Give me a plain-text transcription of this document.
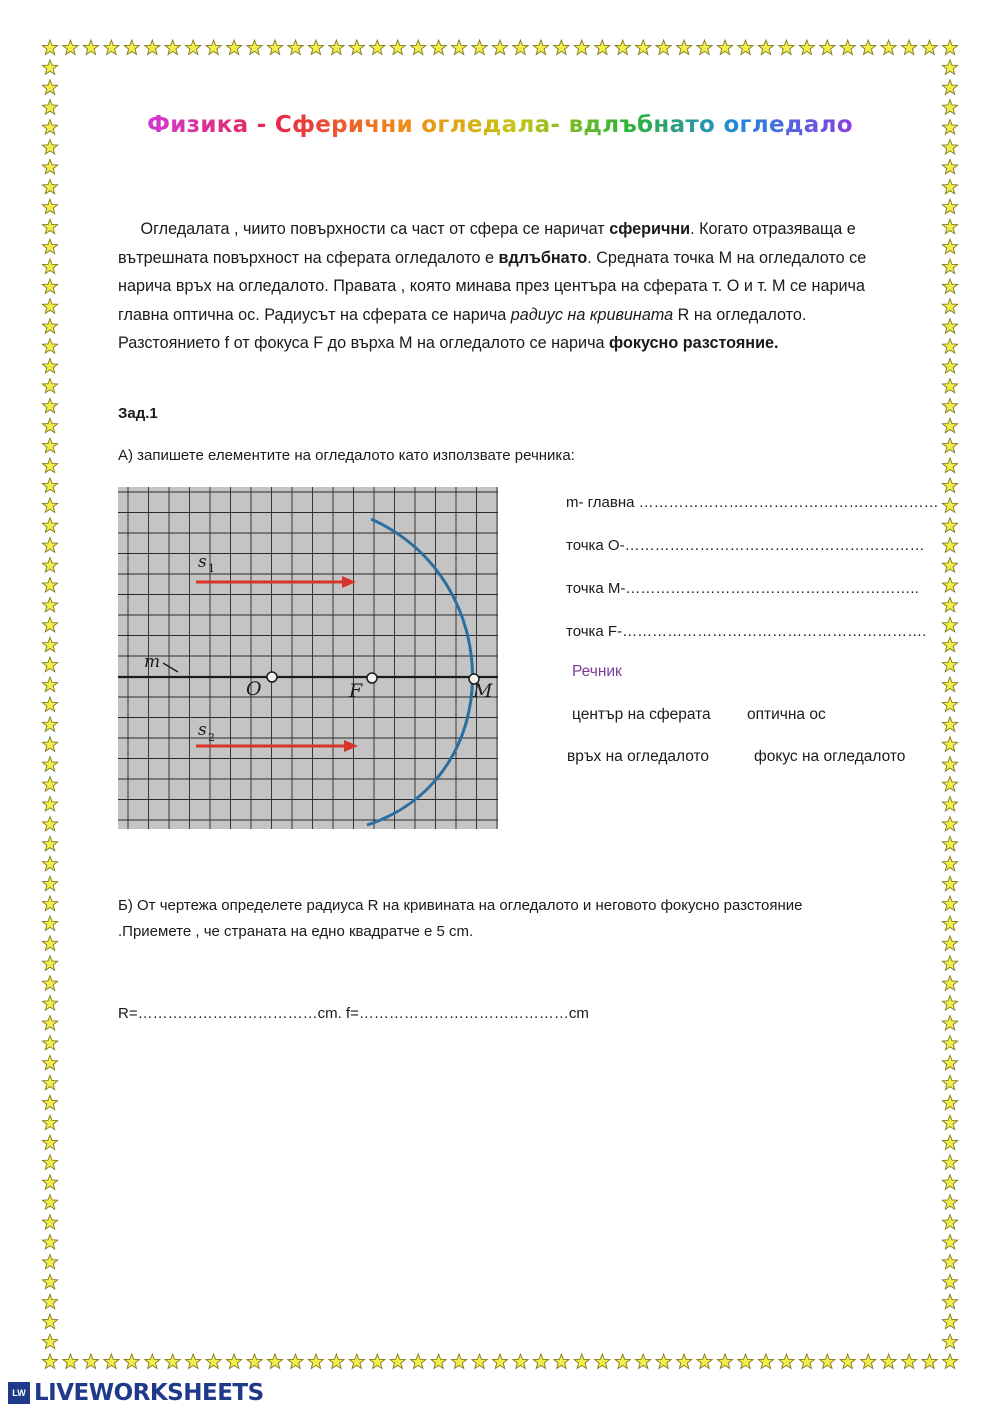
Физика - Сферични огледала- вдлъбнато огледало
Огледалата , чиито повърхности са част от сфера се наричат сферични. Когато отразяваща е вътрешната повърхност на сферата огледалото е вдлъбнато. Средната точка М на огледалото се нарича връх на огледалото. Правата , която минава през центъра на сферата т. О и т. М се нарича главна оптична ос. Радиусът на сферата се нарича радиус на кривината R на огледалото. Разстоянието f от фокуса F до върха М на огледалото се нарича фокусно разстояние.
Зад.1
А) запишете елементите на огледалото като използвате речника:
m
O	F	M
s 1
s 2
m- главна ……………………………………………………
точка О-……………………………………………………
точка М-…………………………………………………..
точка F-…………………………………………………….
Речник
център на сферата оптична ос
връх на огледалото	фокус на огледалото
Б) От чертежа определете радиуса R на кривината на огледалото и неговото фокусно разстояние .Приемете , че страната на едно квадратче е 5 cm.
R=………………………………cm. f=……………………………………cm
LW LIVEWORKSHEETS
